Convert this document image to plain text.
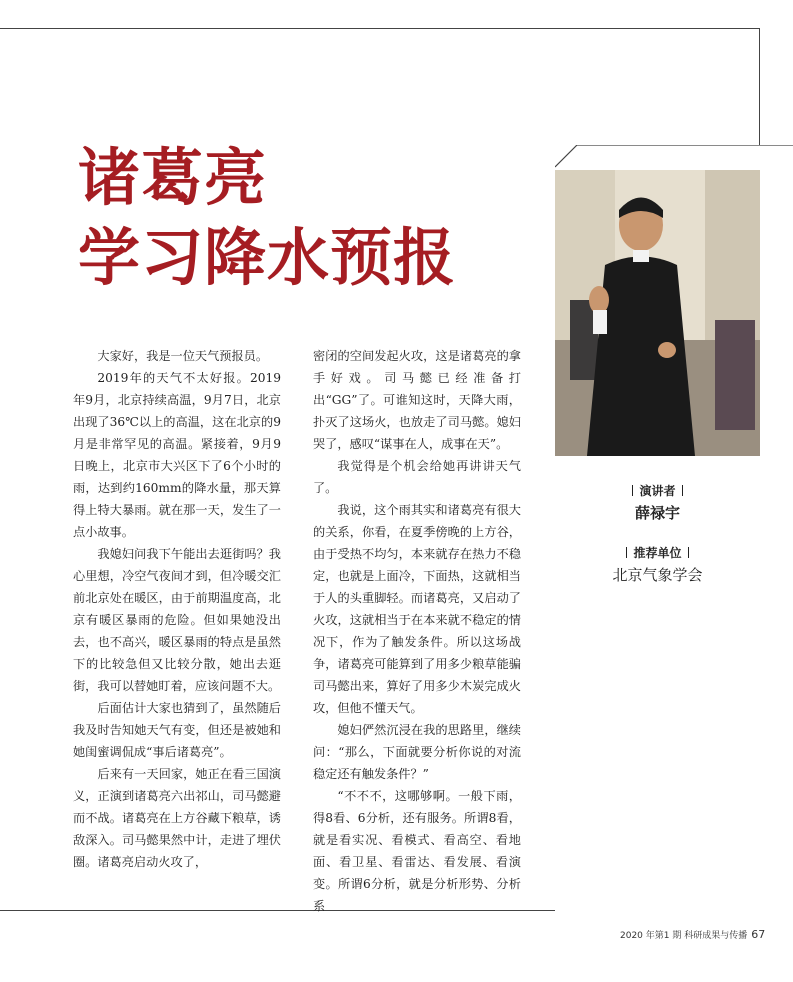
诸葛亮
学习降水预报
演讲者
薛禄宇
推荐单位
北京气象学会

大家好，我是一位天气预报员。

2019年的天气不太好报。2019年9月，北京持续高温，9月7日，北京出现了36℃以上的高温，这在北京的9月是非常罕见的高温。紧接着，9月9日晚上，北京市大兴区下了6个小时的雨，达到约160mm的降水量，那天算得上特大暴雨。就在那一天，发生了一点小故事。

我媳妇问我下午能出去逛街吗？我心里想，冷空气夜间才到，但冷暖交汇前北京处在暖区，由于前期温度高，北京有暖区暴雨的危险。但如果她没出去，也不高兴，暖区暴雨的特点是虽然下的比较急但又比较分散，她出去逛街，我可以替她盯着，应该问题不大。

后面估计大家也猜到了，虽然随后我及时告知她天气有变，但还是被她和她闺蜜调侃成“事后诸葛亮”。

后来有一天回家，她正在看三国演义，正演到诸葛亮六出祁山，司马懿避而不战。诸葛亮在上方谷藏下粮草，诱敌深入。司马懿果然中计，走进了埋伏圈。诸葛亮启动火攻了，

密闭的空间发起火攻，这是诸葛亮的拿手好戏。司马懿已经准备打出“GG”了。可谁知这时，天降大雨，扑灭了这场火，也放走了司马懿。媳妇哭了，感叹“谋事在人，成事在天”。

我觉得是个机会给她再讲讲天气了。

我说，这个雨其实和诸葛亮有很大的关系，你看，在夏季傍晚的上方谷，由于受热不均匀，本来就存在热力不稳定，也就是上面冷，下面热，这就相当于人的头重脚轻。而诸葛亮，又启动了火攻，这就相当于在本来就不稳定的情况下，作为了触发条件。所以这场战争，诸葛亮可能算到了用多少粮草能骗司马懿出来，算好了用多少木炭完成火攻，但他不懂天气。

媳妇俨然沉浸在我的思路里，继续问：“那么，下面就要分析你说的对流稳定还有触发条件？”

“不不不，这哪够啊。一般下雨，得8看、6分析，还有服务。所谓8看，就是看实况、看模式、看高空、看地面、看卫星、看雷达、看发展、看演变。所谓6分析，就是分析形势、分析系

2020 年第1 期 科研成果与传播 67
